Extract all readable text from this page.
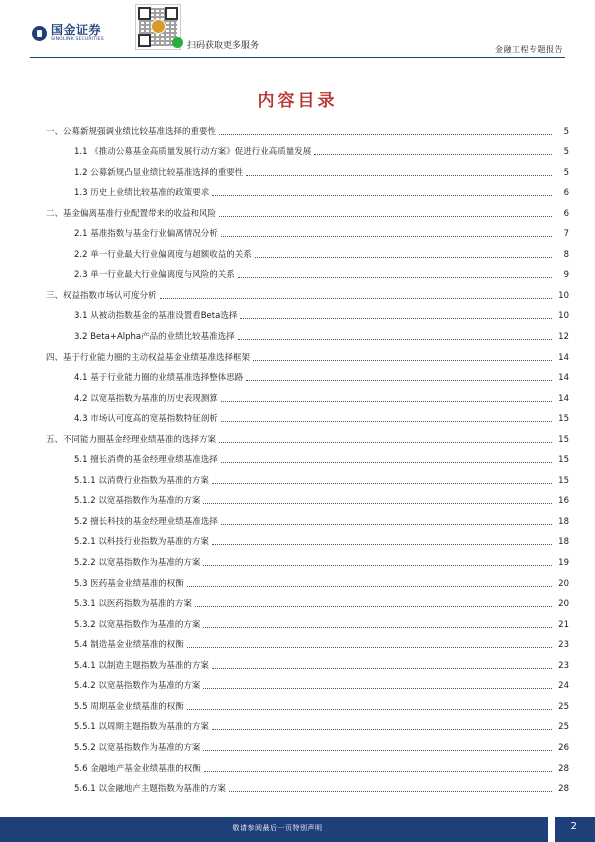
国金证券
SINOLINK SECURITIES
扫码获取更多服务	金融工程专题报告
内容目录
一、公募新规强调业绩比较基准选择的重要性	5
1.1 《推动公募基金高质量发展行动方案》促进行业高质量发展	5
1.2 公募新规凸显业绩比较基准选择的重要性	5
1.3 历史上业绩比较基准的政策要求	6
二、基金偏离基准行业配置带来的收益和风险	6
2.1 基准指数与基金行业偏离情况分析	7
2.2 单一行业最大行业偏离度与超额收益的关系	8
2.3 单一行业最大行业偏离度与风险的关系	9
三、权益指数市场认可度分析	10
3.1 从被动指数基金的基准设置看Beta选择	10
3.2 Beta+Alpha产品的业绩比较基准选择	12
四、基于行业能力圈的主动权益基金业绩基准选择框架	14
4.1 基于行业能力圈的业绩基准选择整体思路	14
4.2 以宽基指数为基准的历史表现测算	14
4.3 市场认可度高的宽基指数特征剖析	15
五、不同能力圈基金经理业绩基准的选择方案	15
5.1 擅长消费的基金经理业绩基准选择	15
5.1.1 以消费行业指数为基准的方案	15
5.1.2 以宽基指数作为基准的方案	16
5.2 擅长科技的基金经理业绩基准选择	18
5.2.1 以科技行业指数为基准的方案	18
5.2.2 以宽基指数作为基准的方案	19
5.3 医药基金业绩基准的权衡	20
5.3.1 以医药指数为基准的方案	20
5.3.2 以宽基指数作为基准的方案	21
5.4 制造基金业绩基准的权衡	23
5.4.1 以制造主题指数为基准的方案	23
5.4.2 以宽基指数作为基准的方案	24
5.5 周期基金业绩基准的权衡	25
5.5.1 以周期主题指数为基准的方案	25
5.5.2 以宽基指数作为基准的方案	26
5.6 金融地产基金业绩基准的权衡	28
5.6.1 以金融地产主题指数为基准的方案	28
敬请参阅最后一页特别声明	2
